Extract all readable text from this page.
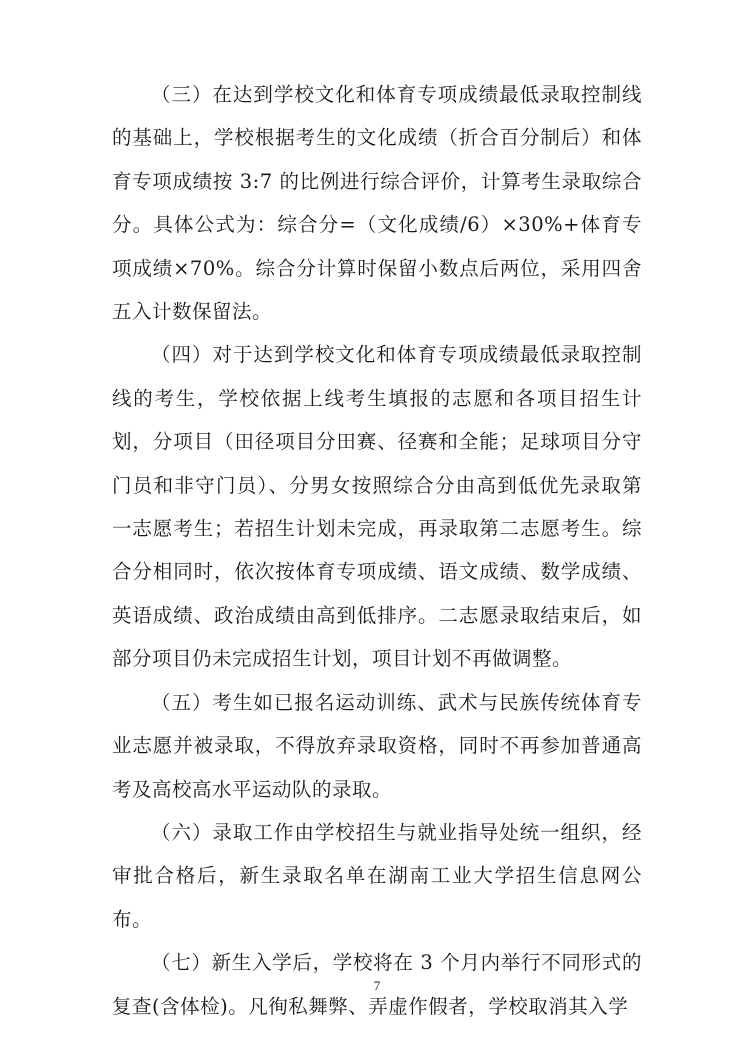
（三）在达到学校文化和体育专项成绩最低录取控制线的基础上，学校根据考生的文化成绩（折合百分制后）和体育专项成绩按 3:7 的比例进行综合评价，计算考生录取综合分。具体公式为：综合分=（文化成绩/6）×30%+体育专项成绩×70%。综合分计算时保留小数点后两位，采用四舍五入计数保留法。

（四）对于达到学校文化和体育专项成绩最低录取控制线的考生，学校依据上线考生填报的志愿和各项目招生计划，分项目（田径项目分田赛、径赛和全能；足球项目分守门员和非守门员）、分男女按照综合分由高到低优先录取第一志愿考生；若招生计划未完成，再录取第二志愿考生。综合分相同时，依次按体育专项成绩、语文成绩、数学成绩、英语成绩、政治成绩由高到低排序。二志愿录取结束后，如部分项目仍未完成招生计划，项目计划不再做调整。

（五）考生如已报名运动训练、武术与民族传统体育专业志愿并被录取，不得放弃录取资格，同时不再参加普通高考及高校高水平运动队的录取。

（六）录取工作由学校招生与就业指导处统一组织，经审批合格后，新生录取名单在湖南工业大学招生信息网公布。

（七）新生入学后，学校将在 3 个月内举行不同形式的复查(含体检)。凡徇私舞弊、弄虚作假者，学校取消其入学

7
